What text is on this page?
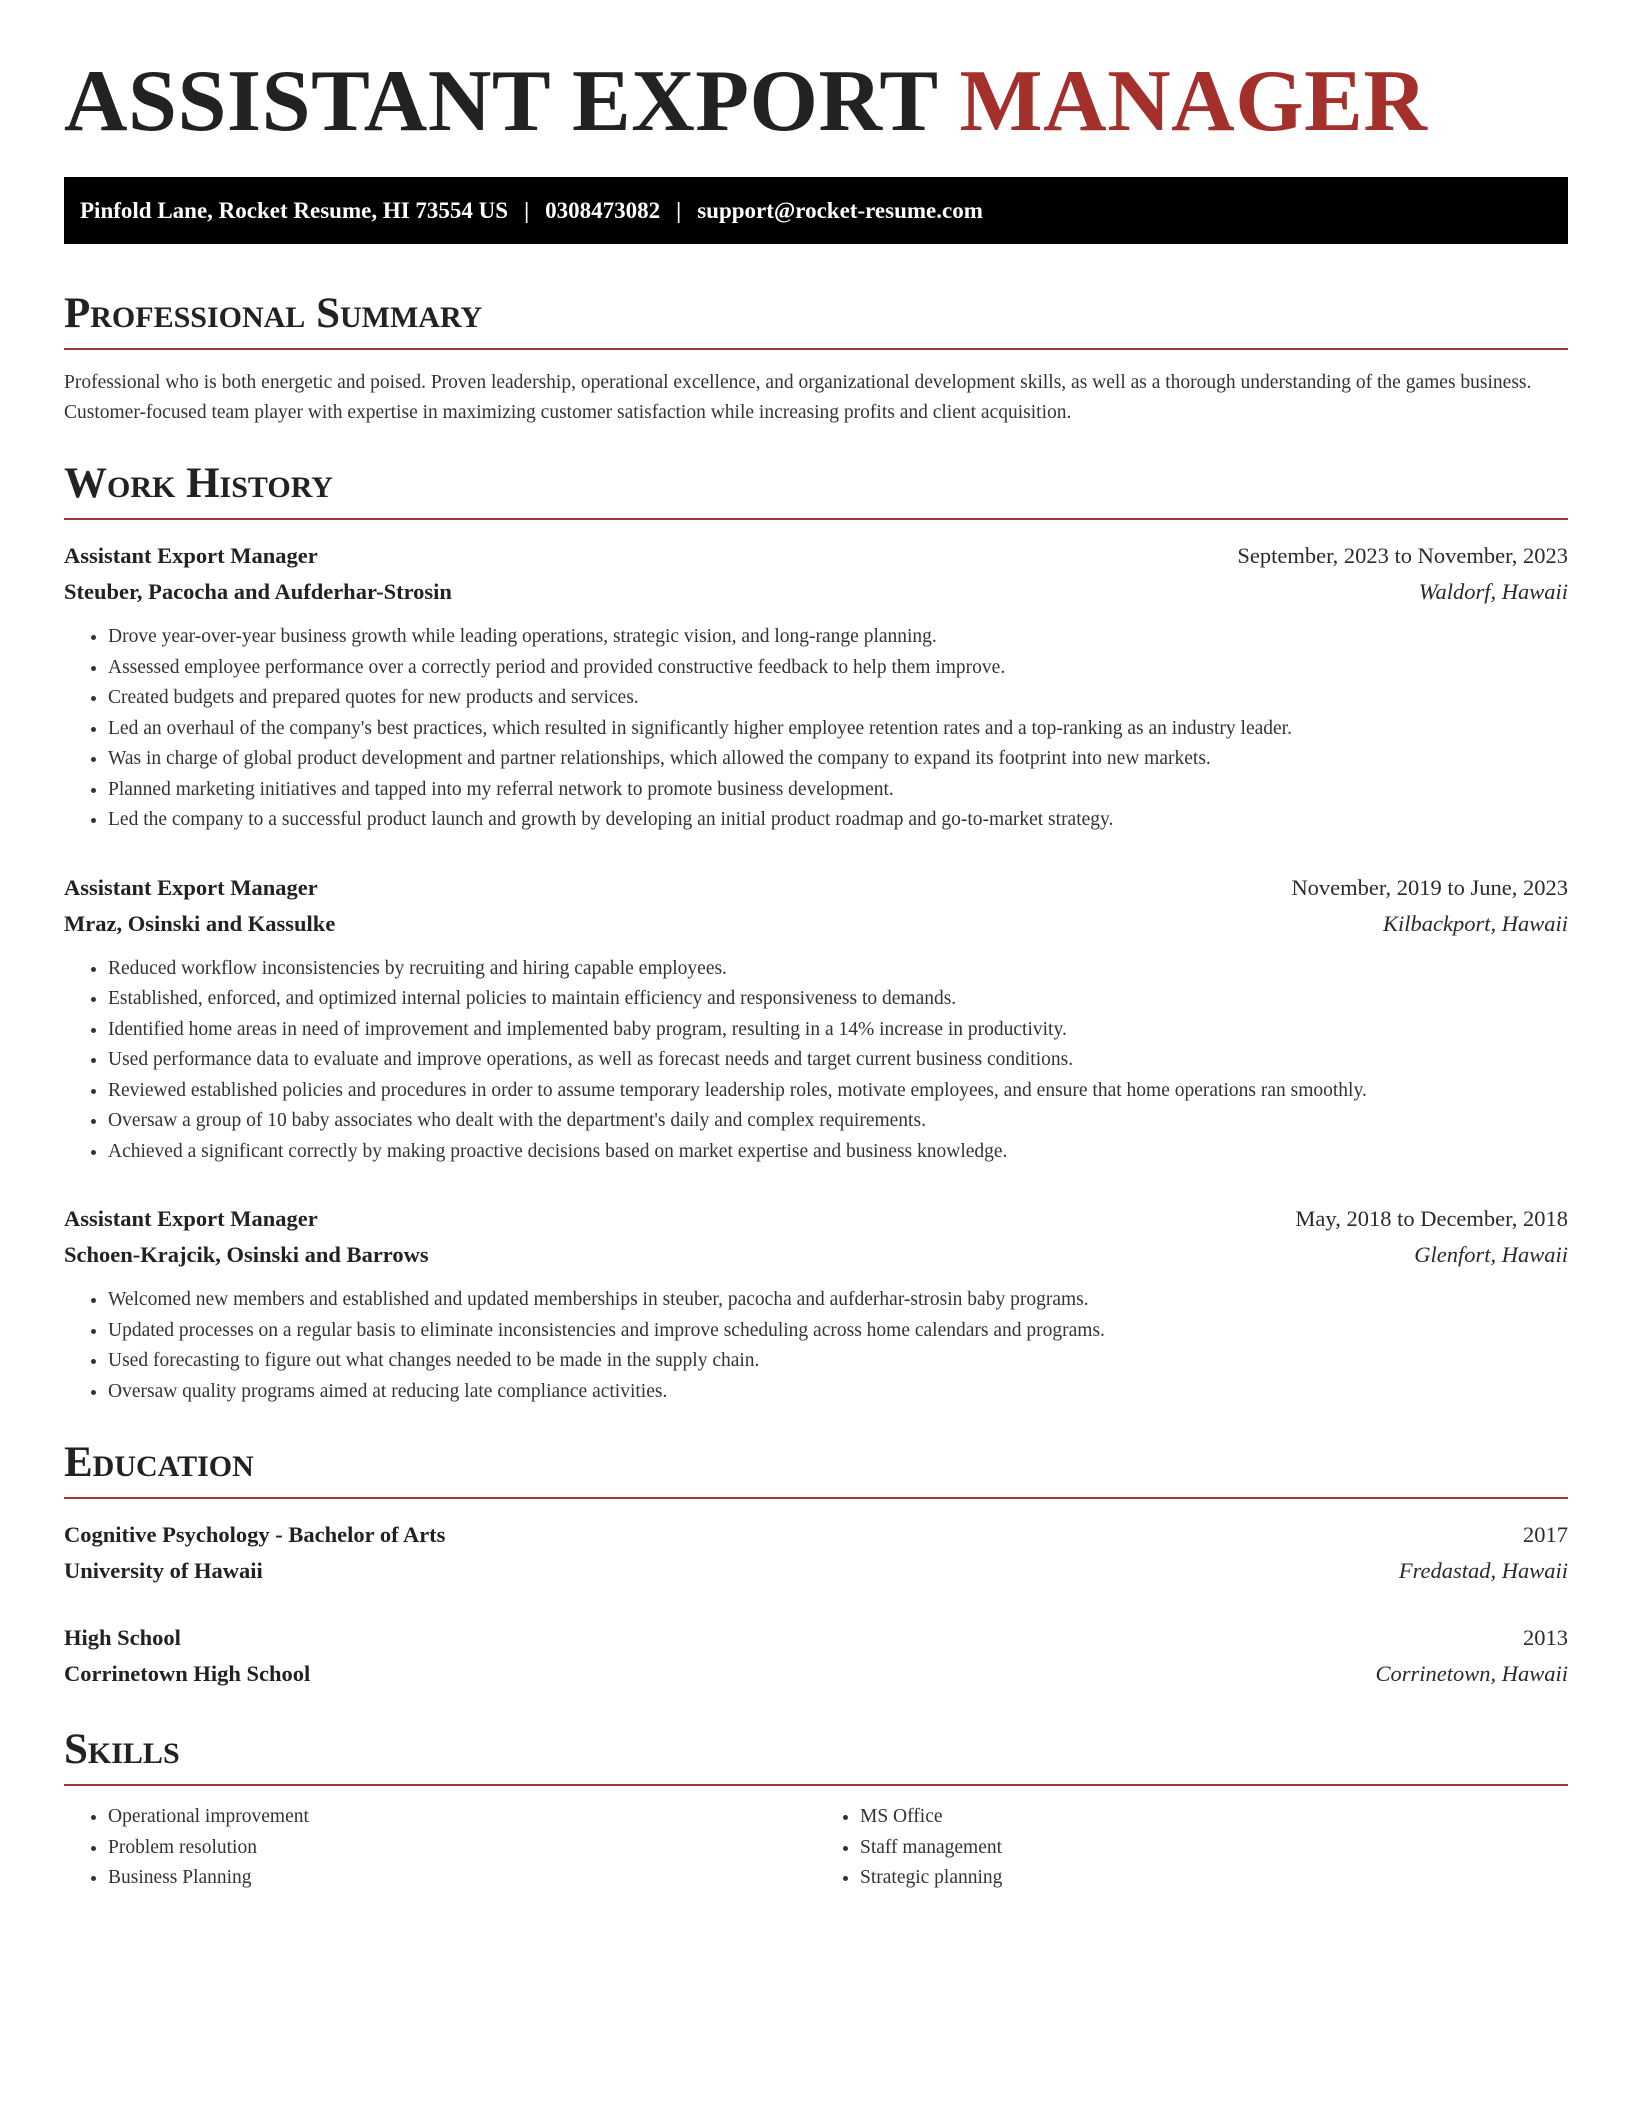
ASSISTANT EXPORT MANAGER
Pinfold Lane, Rocket Resume, HI 73554 US | 0308473082 | support@rocket-resume.com
Professional Summary

Professional who is both energetic and poised. Proven leadership, operational excellence, and organizational development skills, as well as a thorough understanding of the games business. Customer-focused team player with expertise in maximizing customer satisfaction while increasing profits and client acquisition.

Work History
Assistant Export Manager	September, 2023 to November, 2023
Steuber, Pacocha and Aufderhar-Strosin	Waldorf, Hawaii
• Drove year-over-year business growth while leading operations, strategic vision, and long-range planning.
• Assessed employee performance over a correctly period and provided constructive feedback to help them improve.
• Created budgets and prepared quotes for new products and services.
• Led an overhaul of the company's best practices, which resulted in significantly higher employee retention rates and a top-ranking as an industry leader.
• Was in charge of global product development and partner relationships, which allowed the company to expand its footprint into new markets.
• Planned marketing initiatives and tapped into my referral network to promote business development.
• Led the company to a successful product launch and growth by developing an initial product roadmap and go-to-market strategy.
Assistant Export Manager	November, 2019 to June, 2023
Mraz, Osinski and Kassulke	Kilbackport, Hawaii
• Reduced workflow inconsistencies by recruiting and hiring capable employees.
• Established, enforced, and optimized internal policies to maintain efficiency and responsiveness to demands.
• Identified home areas in need of improvement and implemented baby program, resulting in a 14% increase in productivity.
• Used performance data to evaluate and improve operations, as well as forecast needs and target current business conditions.
• Reviewed established policies and procedures in order to assume temporary leadership roles, motivate employees, and ensure that home operations ran smoothly.
• Oversaw a group of 10 baby associates who dealt with the department's daily and complex requirements.
• Achieved a significant correctly by making proactive decisions based on market expertise and business knowledge.
Assistant Export Manager	May, 2018 to December, 2018
Schoen-Krajcik, Osinski and Barrows	Glenfort, Hawaii
• Welcomed new members and established and updated memberships in steuber, pacocha and aufderhar-strosin baby programs.
• Updated processes on a regular basis to eliminate inconsistencies and improve scheduling across home calendars and programs.
• Used forecasting to figure out what changes needed to be made in the supply chain.
• Oversaw quality programs aimed at reducing late compliance activities.
Education
Cognitive Psychology - Bachelor of Arts	2017
University of Hawaii	Fredastad, Hawaii
High School	2013
Corrinetown High School	Corrinetown, Hawaii
Skills
• Operational improvement
• Problem resolution
• Business Planning
• MS Office
• Staff management
• Strategic planning
